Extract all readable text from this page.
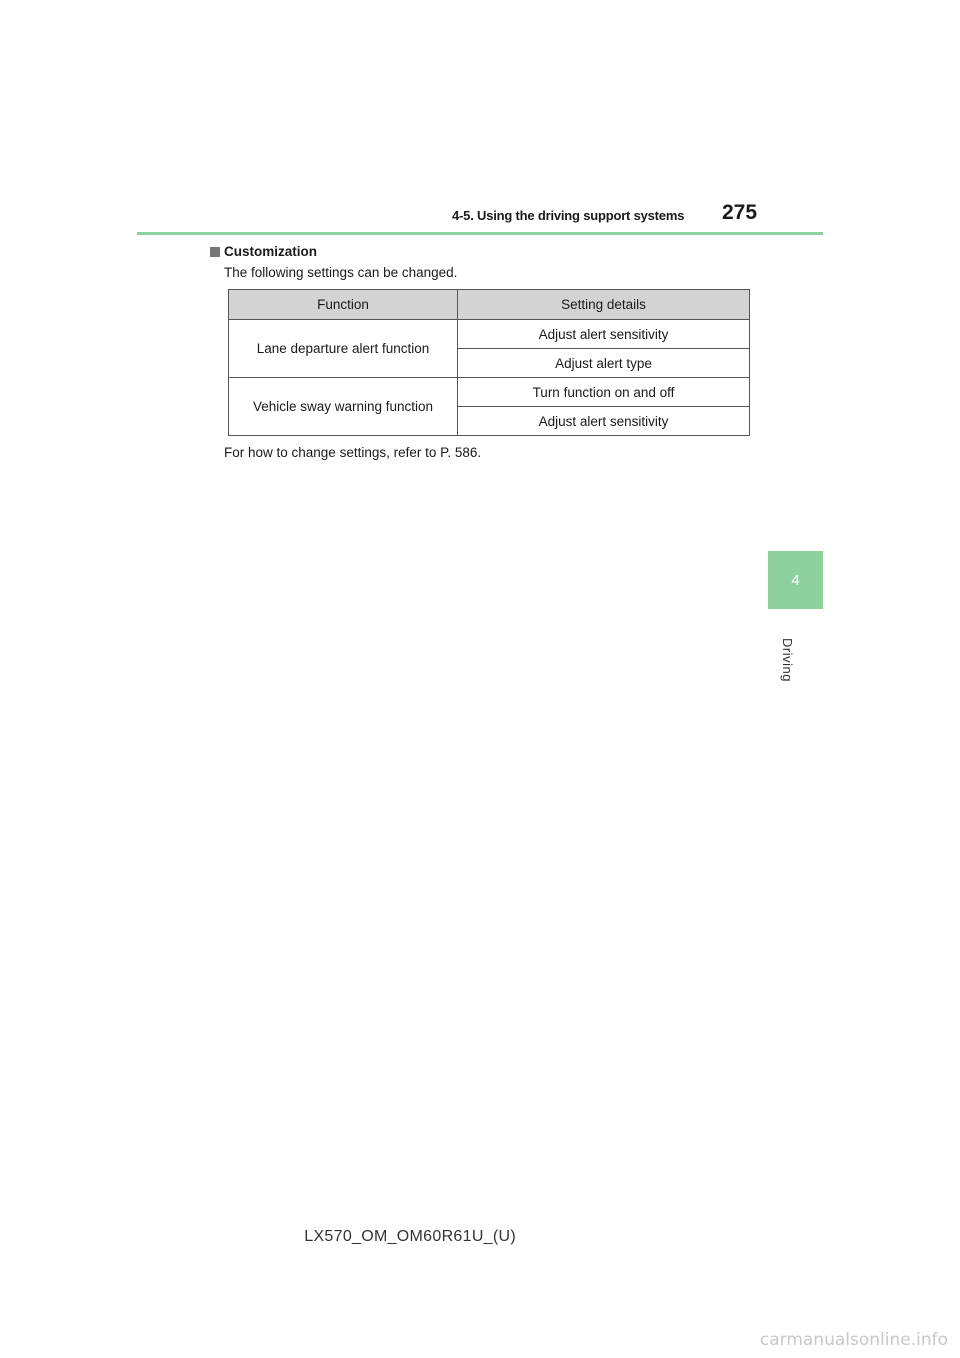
4-5. Using the driving support systems 275
Customization
The following settings can be changed.
Function	Setting details
Lane departure alert function	Adjust alert sensitivity
	Adjust alert type
Vehicle sway warning function	Turn function on and off
	Adjust alert sensitivity
For how to change settings, refer to P. 586.
4
Driving
LX570_OM_OM60R61U_(U)
carmanualsonline.info
